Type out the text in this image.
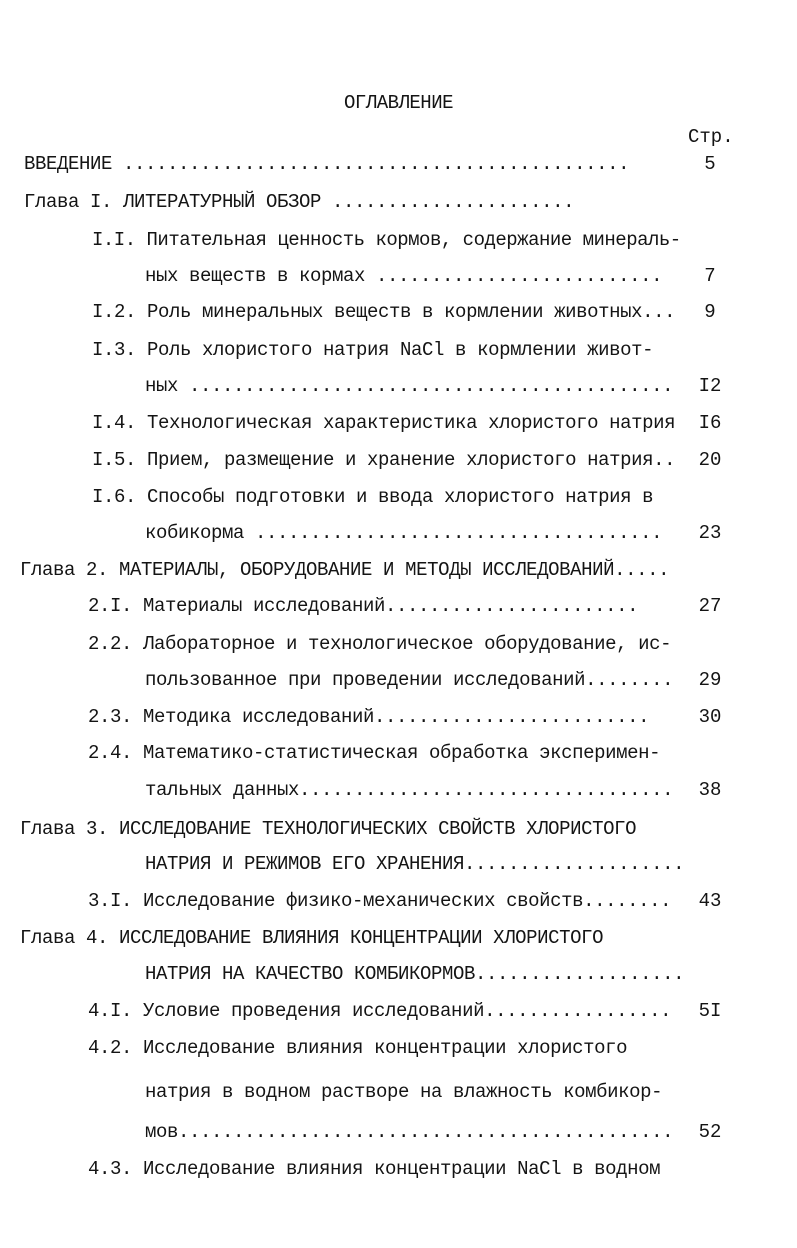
ОГЛАВЛЕНИЕ
Стр.
ВВЕДЕНИЕ ..............................................	5
Глава I. ЛИТЕРАТУРНЫЙ ОБЗОР ......................
I.I. Питательная ценность кормов, содержание минераль-
ных веществ в кормах ..........................	7
I.2. Роль минеральных веществ в кормлении животных...	9
I.3. Роль хлористого натрия NaCl в кормлении живот-
ных ............................................	I2
I.4. Технологическая характеристика хлористого натрия	I6
I.5. Прием, размещение и хранение хлористого натрия..	20
I.6. Способы подготовки и ввода хлористого натрия в
кобикорма .....................................	23
Глава 2. МАТЕРИАЛЫ, ОБОРУДОВАНИЕ И МЕТОДЫ ИССЛЕДОВАНИЙ.....
2.I. Материалы исследований.......................	27
2.2. Лабораторное и технологическое оборудование, ис-
пользованное при проведении исследований........	29
2.3. Методика исследований.........................	30
2.4. Математико-статистическая обработка эксперимен-
тальных данных..................................	38
Глава 3. ИССЛЕДОВАНИЕ ТЕХНОЛОГИЧЕСКИХ СВОЙСТВ ХЛОРИСТОГО
НАТРИЯ И РЕЖИМОВ ЕГО ХРАНЕНИЯ....................
3.I. Исследование физико-механических свойств........	43
Глава 4. ИССЛЕДОВАНИЕ ВЛИЯНИЯ КОНЦЕНТРАЦИИ ХЛОРИСТОГО
НАТРИЯ НА КАЧЕСТВО КОМБИКОРМОВ...................
4.I. Условие проведения исследований.................	5I
4.2. Исследование влияния концентрации хлористого
натрия в водном растворе на влажность комбикор-
мов.............................................	52
4.3. Исследование влияния концентрации NaCl в водном
